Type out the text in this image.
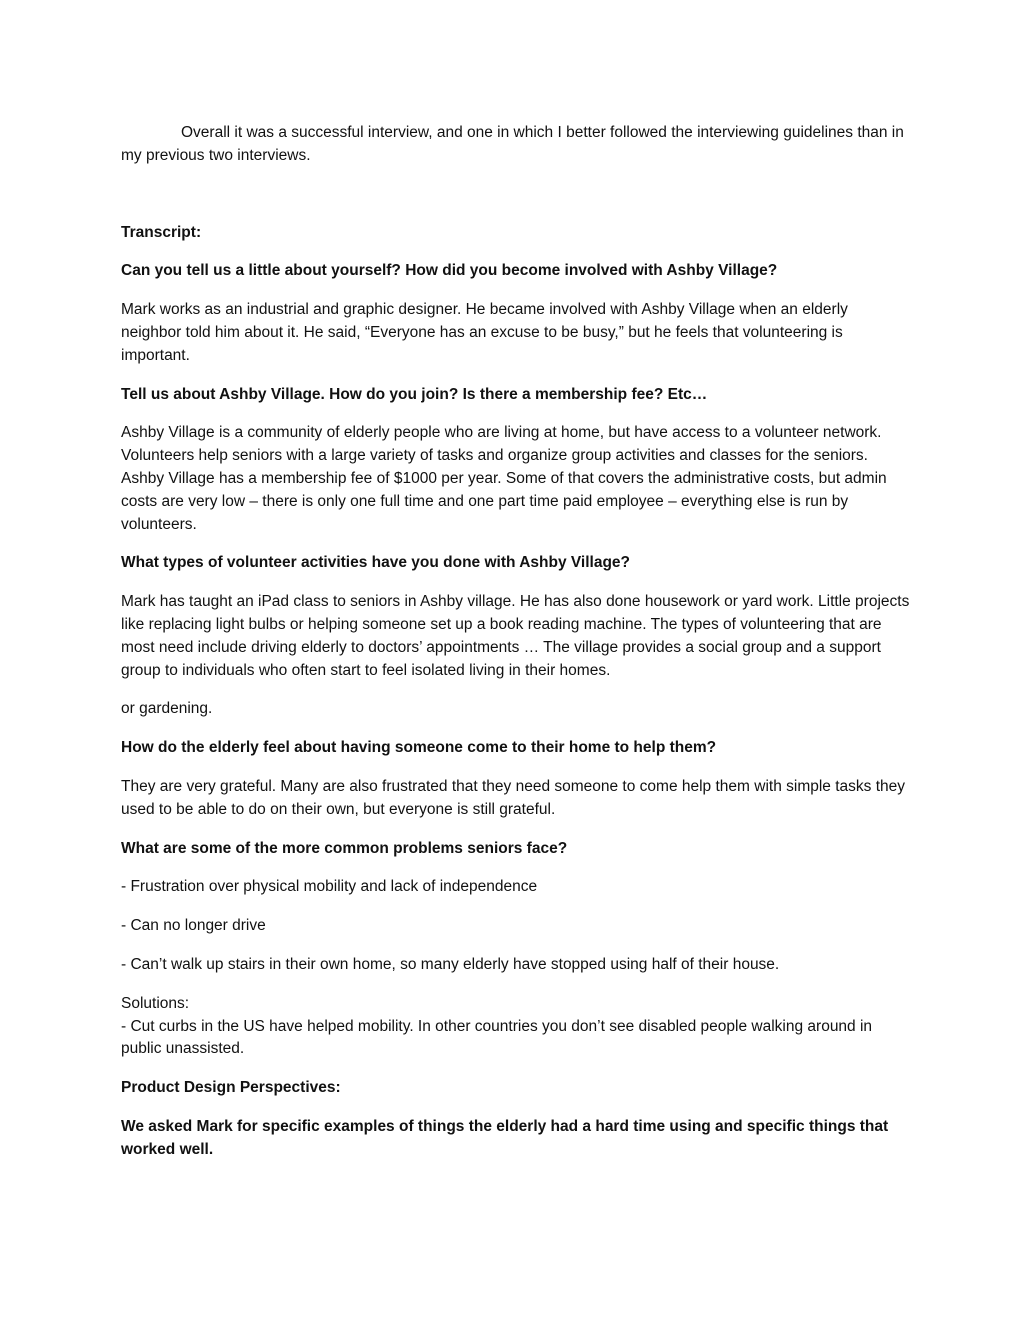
Overall it was a successful interview, and one in which I better followed the interviewing guidelines than in my previous two interviews.

Transcript:

Can you tell us a little about yourself? How did you become involved with Ashby Village?

Mark works as an industrial and graphic designer. He became involved with Ashby Village when an elderly neighbor told him about it. He said, “Everyone has an excuse to be busy,” but he feels that volunteering is important.

Tell us about Ashby Village. How do you join? Is there a membership fee? Etc…

Ashby Village is a community of elderly people who are living at home, but have access to a volunteer network. Volunteers help seniors with a large variety of tasks and organize group activities and classes for the seniors. Ashby Village has a membership fee of $1000 per year. Some of that covers the administrative costs, but admin costs are very low – there is only one full time and one part time paid employee – everything else is run by volunteers.

What types of volunteer activities have you done with Ashby Village?

Mark has taught an iPad class to seniors in Ashby village. He has also done housework or yard work. Little projects like replacing light bulbs or helping someone set up a book reading machine. The types of volunteering that are most need include driving elderly to doctors’ appointments … The village provides a social group and a support group to individuals who often start to feel isolated living in their homes.

or gardening.

How do the elderly feel about having someone come to their home to help them?

They are very grateful. Many are also frustrated that they need someone to come help them with simple tasks they used to be able to do on their own, but everyone is still grateful.

What are some of the more common problems seniors face?

- Frustration over physical mobility and lack of independence

- Can no longer drive

- Can’t walk up stairs in their own home, so many elderly have stopped using half of their house.

Solutions:
- Cut curbs in the US have helped mobility. In other countries you don’t see disabled people walking around in public unassisted.

Product Design Perspectives:

We asked Mark for specific examples of things the elderly had a hard time using and specific things that worked well.
